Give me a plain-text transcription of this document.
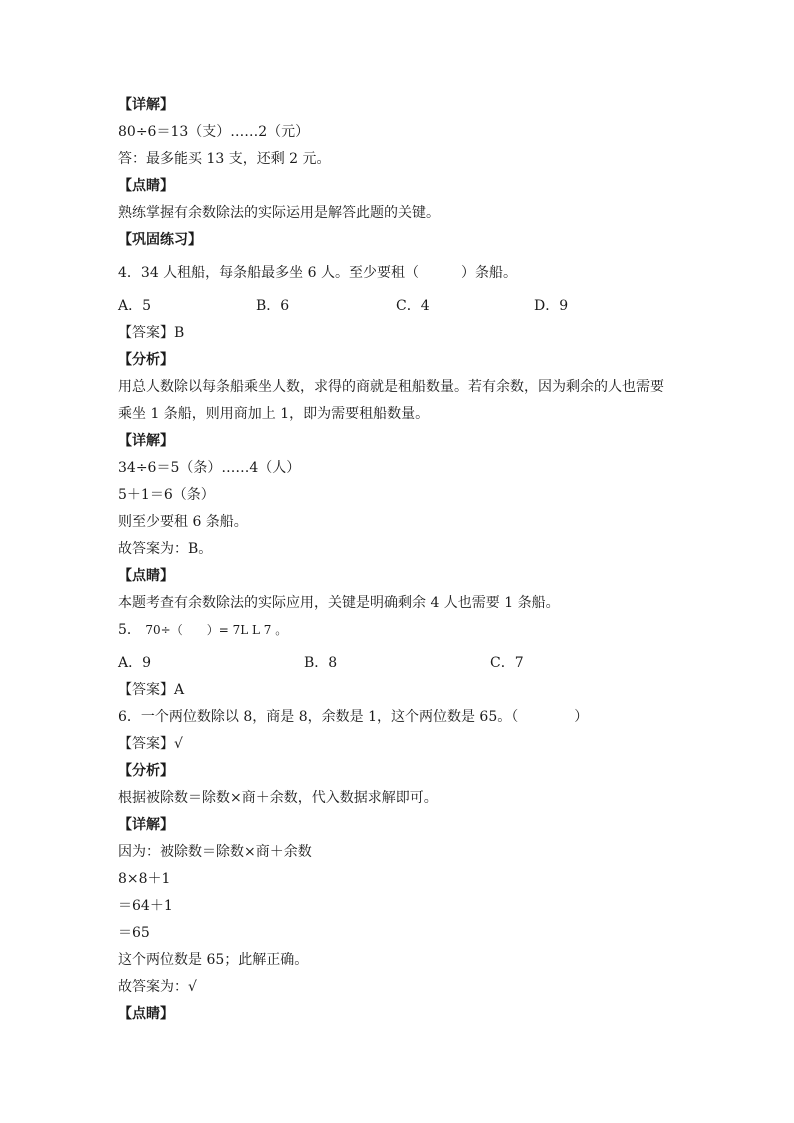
【详解】
80÷6＝13（支）……2（元）
答：最多能买 13 支，还剩 2 元。
【点睛】
熟练掌握有余数除法的实际运用是解答此题的关键。
【巩固练习】
4．34 人租船，每条船最多坐 6 人。至少要租（　　　）条船。
A．5	B．6	C．4	D．9
【答案】B
【分析】
用总人数除以每条船乘坐人数，求得的商就是租船数量。若有余数，因为剩余的人也需要
乘坐 1 条船，则用商加上 1，即为需要租船数量。
【详解】
34÷6＝5（条）……4（人）
5＋1＝6（条）
则至少要租 6 条船。
故答案为：B。
【点睛】
本题考查有余数除法的实际应用，关键是明确剩余 4 人也需要 1 条船。
5． 70÷（　　）= 7L L 7 。
A．9	B．8	C．7
【答案】A
6．一个两位数除以 8，商是 8，余数是 1，这个两位数是 65。（　　　　）
【答案】√
【分析】
根据被除数＝除数×商＋余数，代入数据求解即可。
【详解】
因为：被除数＝除数×商＋余数
8×8＋1
＝64＋1
＝65
这个两位数是 65；此解正确。
故答案为：√
【点睛】
